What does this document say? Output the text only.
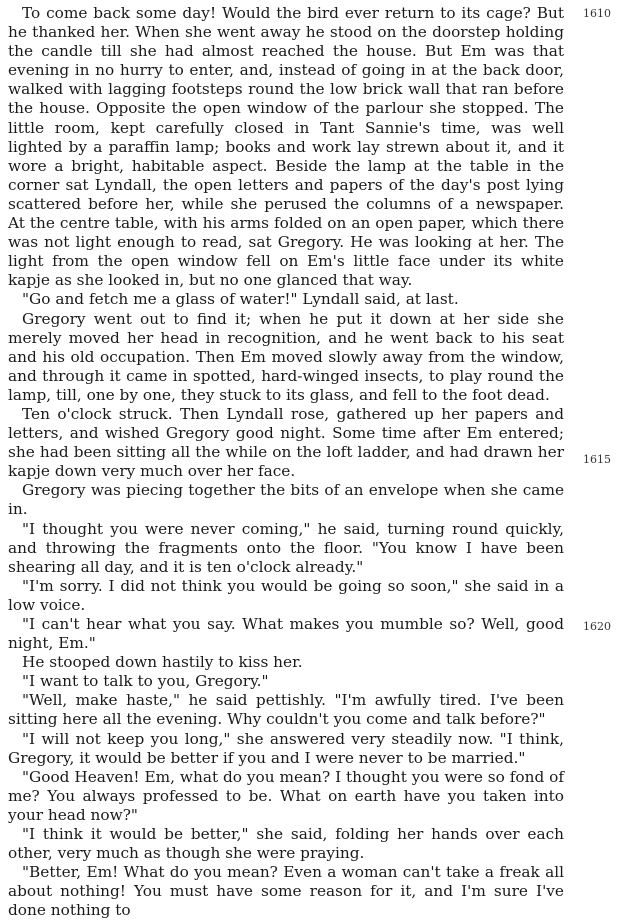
To come back some day! Would the bird ever return to its cage? But he thanked her. When she went away he stood on the doorstep holding the candle till she had almost reached the house. But Em was that evening in no hurry to enter, and, instead of going in at the back door, walked with lagging footsteps round the low brick wall that ran before the house. Opposite the open window of the parlour she stopped. The little room, kept carefully closed in Tant Sannie's time, was well lighted by a paraffin lamp; books and work lay strewn about it, and it wore a bright, habitable aspect. Beside the lamp at the table in the corner sat Lyndall, the open letters and papers of the day's post lying scattered before her, while she perused the columns of a newspaper. At the centre table, with his arms folded on an open paper, which there was not light enough to read, sat Gregory. He was looking at her. The light from the open window fell on Em's little face under its white kapje as she looked in, but no one glanced that way.

"Go and fetch me a glass of water!" Lyndall said, at last.

Gregory went out to find it; when he put it down at her side she merely moved her head in recognition, and he went back to his seat and his old occupation. Then Em moved slowly away from the window, and through it came in spotted, hard-winged insects, to play round the lamp, till, one by one, they stuck to its glass, and fell to the foot dead.

Ten o'clock struck. Then Lyndall rose, gathered up her papers and letters, and wished Gregory good night. Some time after Em entered; she had been sitting all the while on the loft ladder, and had drawn her kapje down very much over her face.

Gregory was piecing together the bits of an envelope when she came in.

"I thought you were never coming," he said, turning round quickly, and throwing the fragments onto the floor. "You know I have been shearing all day, and it is ten o'clock already."

"I'm sorry. I did not think you would be going so soon," she said in a low voice.

"I can't hear what you say. What makes you mumble so? Well, good night, Em."

He stooped down hastily to kiss her.

"I want to talk to you, Gregory."

"Well, make haste," he said pettishly. "I'm awfully tired. I've been sitting here all the evening. Why couldn't you come and talk before?"

"I will not keep you long," she answered very steadily now. "I think, Gregory, it would be better if you and I were never to be married."

"Good Heaven! Em, what do you mean? I thought you were so fond of me? You always professed to be. What on earth have you taken into your head now?"

"I think it would be better," she said, folding her hands over each other, very much as though she were praying.

"Better, Em! What do you mean? Even a woman can't take a freak all about nothing! You must have some reason for it, and I'm sure I've done nothing to

1610
1615
1620
